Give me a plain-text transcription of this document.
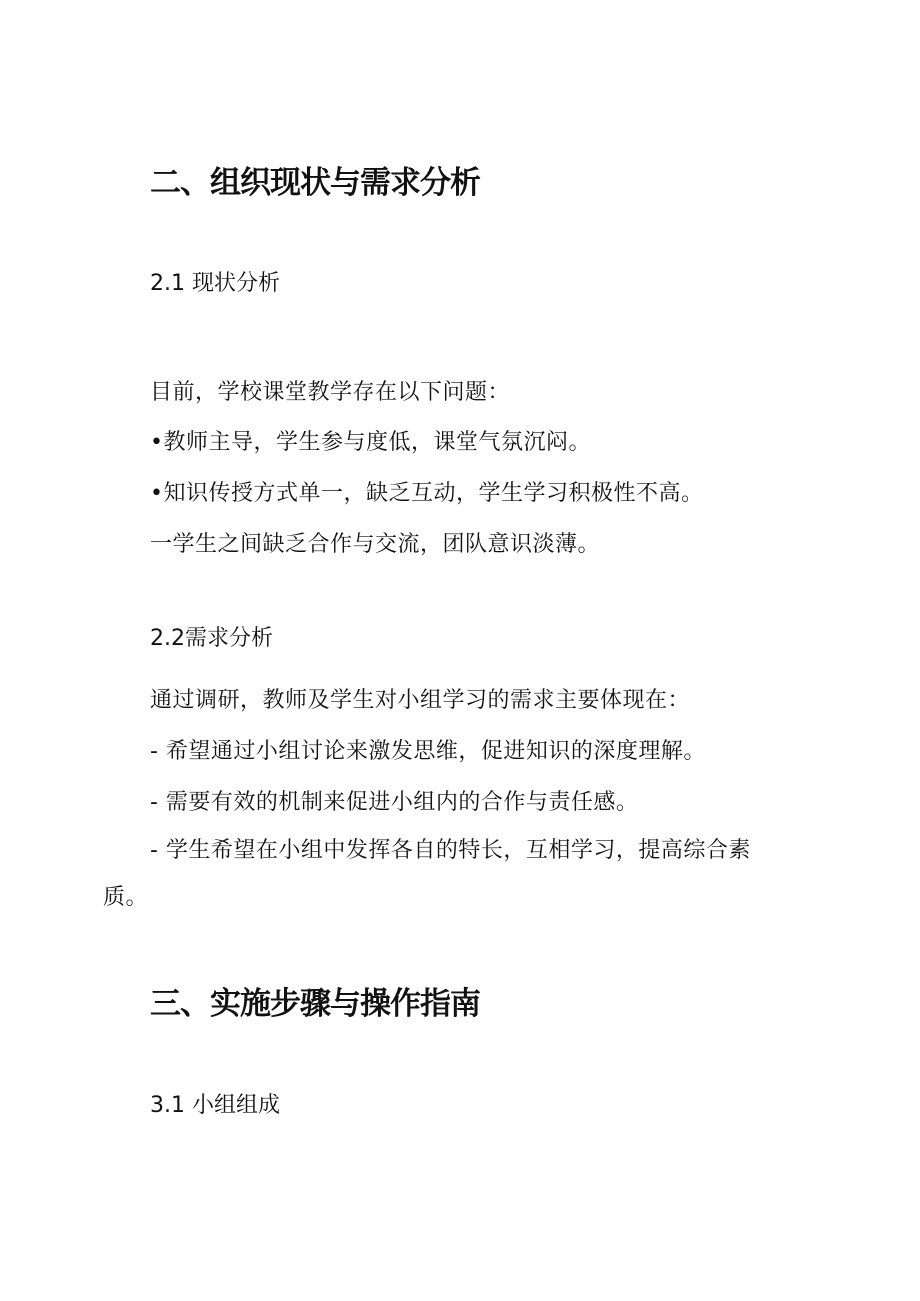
二、组织现状与需求分析
2.1 现状分析

目前，学校课堂教学存在以下问题：

•教师主导，学生参与度低，课堂气氛沉闷。

•知识传授方式单一，缺乏互动，学生学习积极性不高。

一学生之间缺乏合作与交流，团队意识淡薄。

2.2需求分析

通过调研，教师及学生对小组学习的需求主要体现在：

- 希望通过小组讨论来激发思维，促进知识的深度理解。

- 需要有效的机制来促进小组内的合作与责任感。

- 学生希望在小组中发挥各自的特长，互相学习，提高综合素

质。

三、实施步骤与操作指南
3.1 小组组成
